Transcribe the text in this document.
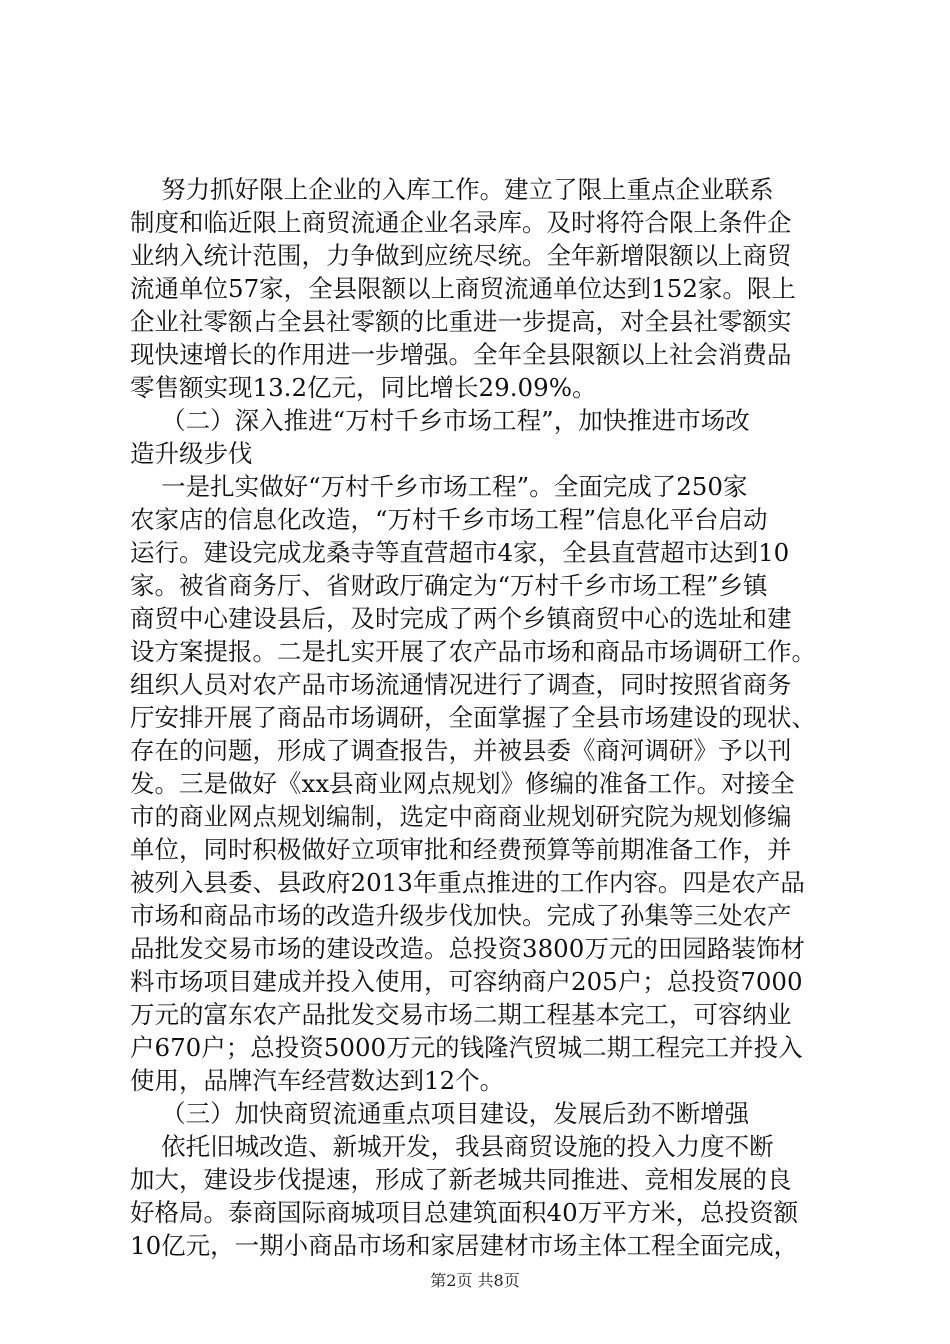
努力抓好限上企业的入库工作。建立了限上重点企业联系
制度和临近限上商贸流通企业名录库。及时将符合限上条件企
业纳入统计范围，力争做到应统尽统。全年新增限额以上商贸
流通单位57家，全县限额以上商贸流通单位达到152家。限上
企业社零额占全县社零额的比重进一步提高，对全县社零额实
现快速增长的作用进一步增强。全年全县限额以上社会消费品
零售额实现13.2亿元，同比增长29.09%。
（二）深入推进“万村千乡市场工程”，加快推进市场改
造升级步伐
一是扎实做好“万村千乡市场工程”。全面完成了250家
农家店的信息化改造，“万村千乡市场工程”信息化平台启动
运行。建设完成龙桑寺等直营超市4家，全县直营超市达到10
家。被省商务厅、省财政厅确定为“万村千乡市场工程”乡镇
商贸中心建设县后，及时完成了两个乡镇商贸中心的选址和建
设方案提报。二是扎实开展了农产品市场和商品市场调研工作。
组织人员对农产品市场流通情况进行了调查，同时按照省商务
厅安排开展了商品市场调研，全面掌握了全县市场建设的现状、
存在的问题，形成了调查报告，并被县委《商河调研》予以刊
发。三是做好《xx县商业网点规划》修编的准备工作。对接全
市的商业网点规划编制，选定中商商业规划研究院为规划修编
单位，同时积极做好立项审批和经费预算等前期准备工作，并
被列入县委、县政府2013年重点推进的工作内容。四是农产品
市场和商品市场的改造升级步伐加快。完成了孙集等三处农产
品批发交易市场的建设改造。总投资3800万元的田园路装饰材
料市场项目建成并投入使用，可容纳商户205户；总投资7000
万元的富东农产品批发交易市场二期工程基本完工，可容纳业
户670户；总投资5000万元的钱隆汽贸城二期工程完工并投入
使用，品牌汽车经营数达到12个。
（三）加快商贸流通重点项目建设，发展后劲不断增强
依托旧城改造、新城开发，我县商贸设施的投入力度不断
加大，建设步伐提速，形成了新老城共同推进、竞相发展的良
好格局。泰商国际商城项目总建筑面积40万平方米，总投资额
10亿元，一期小商品市场和家居建材市场主体工程全面完成，
第2页 共8页
